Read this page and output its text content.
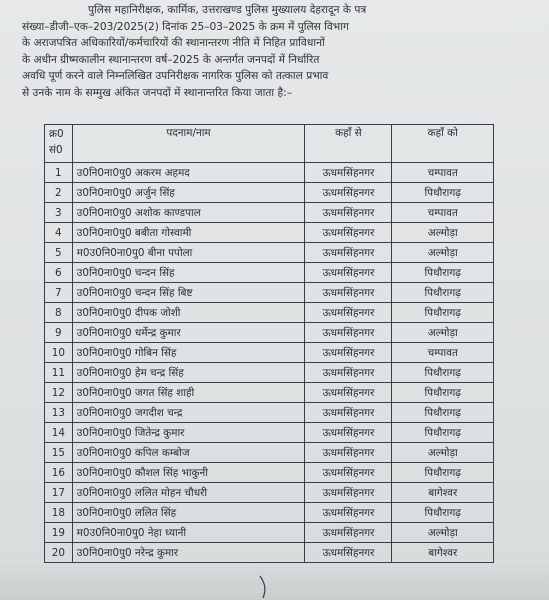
पुलिस महानिरीक्षक, कार्मिक, उत्तराखण्ड पुलिस मुख्यालय देहरादून के पत्र
संख्या–डीजी–एक–203/2025(2) दिनांक 25–03–2025 के क्रम में पुलिस विभाग
के अराजपत्रित अधिकारियों/कर्मचारियों की स्थानान्तरण नीति में निहित प्राविधानों
के अधीन ग्रीष्मकालीन स्थानान्तरण वर्ष–2025 के अन्तर्गत जनपदों में निर्धारित
अवधि पूर्ण करने वाले निम्नलिखित उपनिरीक्षक नागरिक पुलिस को तत्काल प्रभाव
से उनके नाम के सम्मुख अंकित जनपदों में स्थानान्तरित किया जाता है:–
क्र0
सं0	पदनाम/नाम	कहाँ से	कहाँ को
1	उ0नि0ना0पु0 अकरम अहमद	ऊधमसिंहनगर	चम्पावत
2	उ0नि0ना0पु0 अर्जुन सिंह	ऊधमसिंहनगर	पिथौरागढ़
3	उ0नि0ना0पु0 अशोक काण्डपाल	ऊधमसिंहनगर	चम्पावत
4	उ0नि0ना0पु0 बबीता गोस्वामी	ऊधमसिंहनगर	अल्मोड़ा
5	म0उ0नि0ना0पु0 बीना पपोला	ऊधमसिंहनगर	अल्मोड़ा
6	उ0नि0ना0पु0 चन्दन सिंह	ऊधमसिंहनगर	पिथौरागढ़
7	उ0नि0ना0पु0 चन्दन सिंह बिष्ट	ऊधमसिंहनगर	पिथौरागढ़
8	उ0नि0ना0पु0 दीपक जोशी	ऊधमसिंहनगर	पिथौरागढ़
9	उ0नि0ना0पु0 धर्मेन्द्र कुमार	ऊधमसिंहनगर	अल्मोड़ा
10	उ0नि0ना0पु0 गोबिन सिंह	ऊधमसिंहनगर	चम्पावत
11	उ0नि0ना0पु0 हेम चन्द्र सिंह	ऊधमसिंहनगर	पिथौरागढ़
12	उ0नि0ना0पु0 जगत सिंह शाही	ऊधमसिंहनगर	पिथौरागढ़
13	उ0नि0ना0पु0 जगदीश चन्द्र	ऊधमसिंहनगर	पिथौरागढ़
14	उ0नि0ना0पु0 जितेन्द्र कुमार	ऊधमसिंहनगर	पिथौरागढ़
15	उ0नि0ना0पु0 कपिल कम्बोज	ऊधमसिंहनगर	अल्मोड़ा
16	उ0नि0ना0पु0 कौशल सिंह भाकुनी	ऊधमसिंहनगर	पिथौरागढ़
17	उ0नि0ना0पु0 ललित मोहन चौधरी	ऊधमसिंहनगर	बागेश्वर
18	उ0नि0ना0पु0 ललित सिंह	ऊधमसिंहनगर	पिथौरागढ़
19	म0उ0नि0ना0पु0 नेहा ध्यानी	ऊधमसिंहनगर	अल्मोड़ा
20	उ0नि0ना0पु0 नरेन्द्र कुमार	ऊधमसिंहनगर	बागेश्वर
